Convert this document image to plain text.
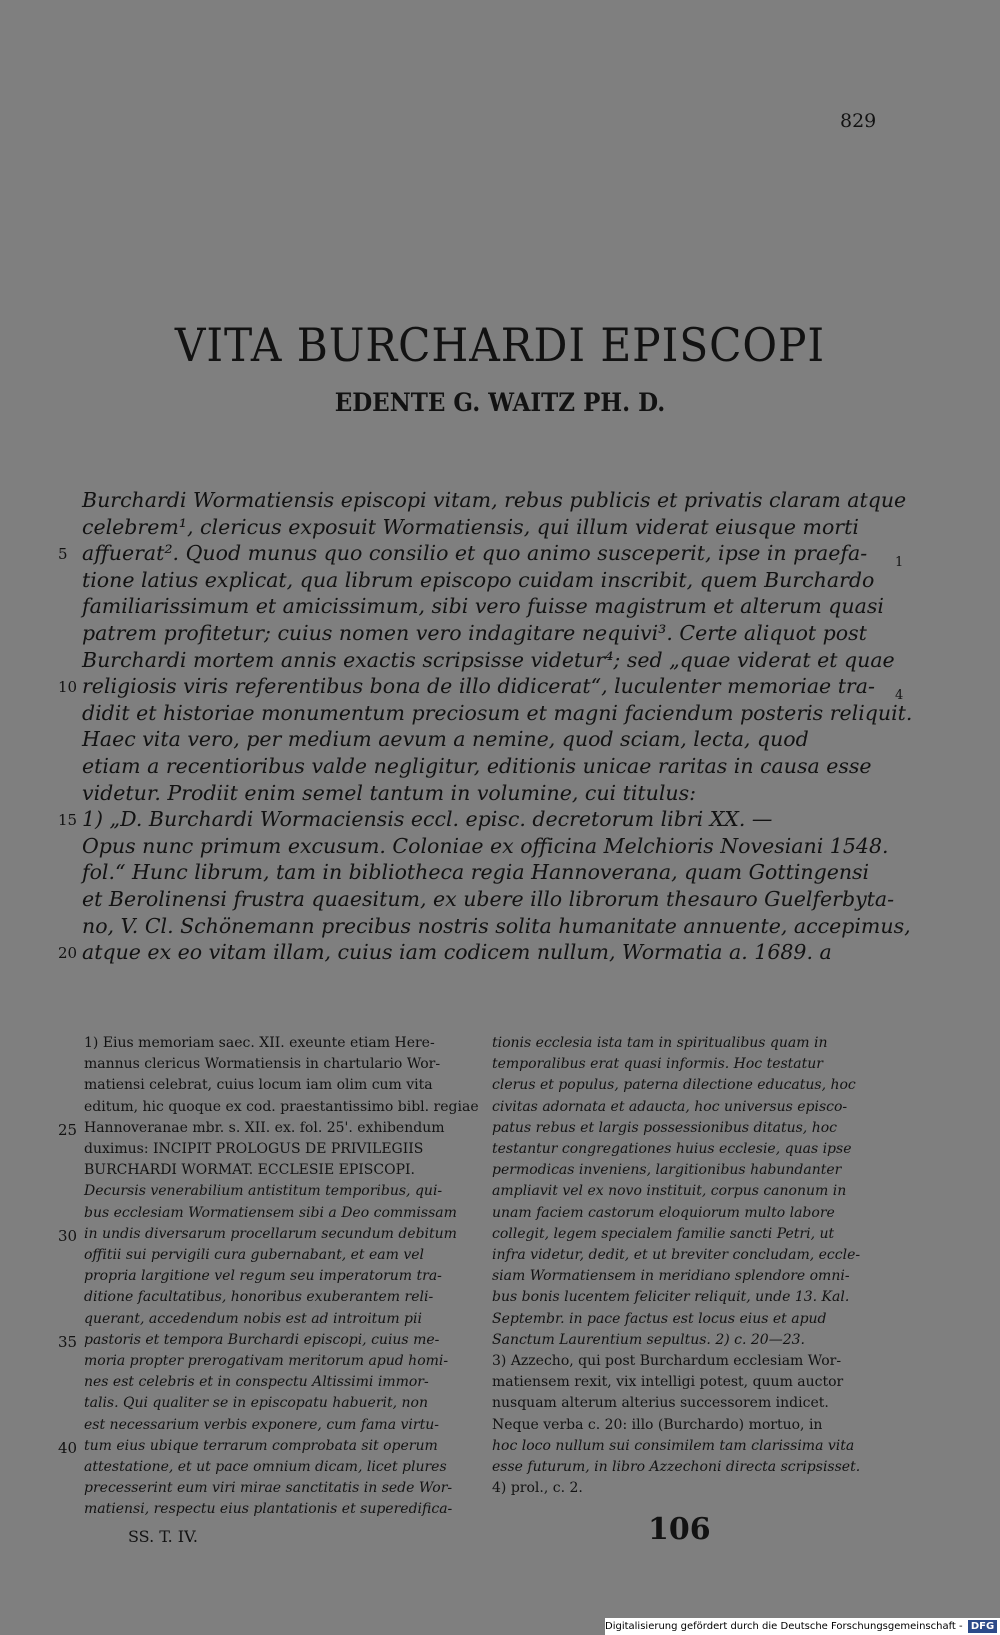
829
VITA BURCHARDI EPISCOPI
EDENTE G. WAITZ PH. D.
Burchardi Wormatiensis episcopi vitam, rebus publicis et privatis claram atque
celebrem¹, clericus exposuit Wormatiensis, qui illum viderat eiusque morti
affuerat². Quod munus quo consilio et quo animo susceperit, ipse in praefa-
5	1
tione latius explicat, qua librum episcopo cuidam inscribit, quem Burchardo
familiarissimum et amicissimum, sibi vero fuisse magistrum et alterum quasi
patrem profitetur; cuius nomen vero indagitare nequivi³. Certe aliquot post
Burchardi mortem annis exactis scripsisse videtur⁴; sed „quae viderat et quae
religiosis viris referentibus bona de illo didicerat“, luculenter memoriae tra-
10	4
didit et historiae monumentum preciosum et magni faciendum posteris reliquit.
Haec vita vero, per medium aevum a nemine, quod sciam, lecta, quod
etiam a recentioribus valde negligitur, editionis unicae raritas in causa esse
videtur. Prodiit enim semel tantum in volumine, cui titulus:
1) „D. Burchardi Wormaciensis eccl. episc. decretorum libri XX. —
15
Opus nunc primum excusum. Coloniae ex officina Melchioris Novesiani 1548.
fol.“ Hunc librum, tam in bibliotheca regia Hannoverana, quam Gottingensi
et Berolinensi frustra quaesitum, ex ubere illo librorum thesauro Guelferbyta-
no, V. Cl. Schönemann precibus nostris solita humanitate annuente, accepimus,
atque ex eo vitam illam, cuius iam codicem nullum, Wormatia a. 1689. a
20
1) Eius memoriam saec. XII. exeunte etiam Here-
mannus clericus Wormatiensis in chartulario Wor-
matiensi celebrat, cuius locum iam olim cum vita
editum, hic quoque ex cod. praestantissimo bibl. regiae
Hannoveranae mbr. s. XII. ex. fol. 25'. exhibendum
25
duximus: INCIPIT PROLOGUS DE PRIVILEGIIS
BURCHARDI WORMAT. ECCLESIE EPISCOPI.
Decursis venerabilium antistitum temporibus, qui-
bus ecclesiam Wormatiensem sibi a Deo commissam
in undis diversarum procellarum secundum debitum
30
offitii sui pervigili cura gubernabant, et eam vel
propria largitione vel regum seu imperatorum tra-
ditione facultatibus, honoribus exuberantem reli-
querant, accedendum nobis est ad introitum pii
pastoris et tempora Burchardi episcopi, cuius me-
35
moria propter prerogativam meritorum apud homi-
nes est celebris et in conspectu Altissimi immor-
talis. Qui qualiter se in episcopatu habuerit, non
est necessarium verbis exponere, cum fama virtu-
tum eius ubique terrarum comprobata sit operum
40
attestatione, et ut pace omnium dicam, licet plures
precesserint eum viri mirae sanctitatis in sede Wor-
matiensi, respectu eius plantationis et superedifica-
tionis ecclesia ista tam in spiritualibus quam in
temporalibus erat quasi informis. Hoc testatur
clerus et populus, paterna dilectione educatus, hoc
civitas adornata et adaucta, hoc universus episco-
patus rebus et largis possessionibus ditatus, hoc
testantur congregationes huius ecclesie, quas ipse
permodicas inveniens, largitionibus habundanter
ampliavit vel ex novo instituit, corpus canonum in
unam faciem castorum eloquiorum multo labore
collegit, legem specialem familie sancti Petri, ut
infra videtur, dedit, et ut breviter concludam, eccle-
siam Wormatiensem in meridiano splendore omni-
bus bonis lucentem feliciter reliquit, unde 13. Kal.
Septembr. in pace factus est locus eius et apud
Sanctum Laurentium sepultus. 2) c. 20—23.
3) Azzecho, qui post Burchardum ecclesiam Wor-
matiensem rexit, vix intelligi potest, quum auctor
nusquam alterum alterius successorem indicet.
Neque verba c. 20: illo (Burchardo) mortuo, in
hoc loco nullum sui consimilem tam clarissima vita
esse futurum, in libro Azzechoni directa scripsisset.
4) prol., c. 2.
SS. T. IV.	106
Digitalisierung gefördert durch die Deutsche Forschungsgemeinschaft - DFG
